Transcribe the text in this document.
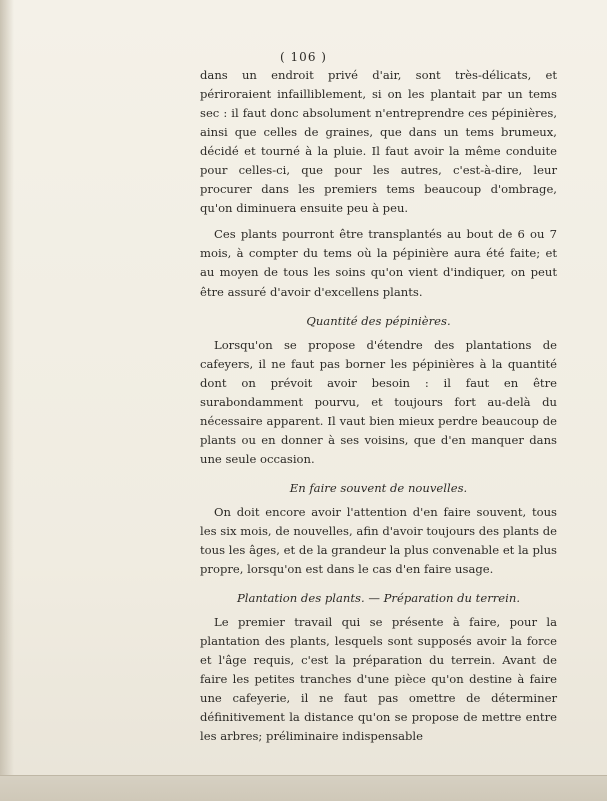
( 106 )

dans un endroit privé d'air, sont très-délicats, et périroraient infailliblement, si on les plantait par un tems sec : il faut donc absolument n'entreprendre ces pépinières, ainsi que celles de graines, que dans un tems brumeux, décidé et tourné à la pluie. Il faut avoir la même conduite pour celles-ci, que pour les autres, c'est-à-dire, leur procurer dans les premiers tems beaucoup d'ombrage, qu'on diminuera ensuite peu à peu.

Ces plants pourront être transplantés au bout de 6 ou 7 mois, à compter du tems où la pépinière aura été faite; et au moyen de tous les soins qu'on vient d'indiquer, on peut être assuré d'avoir d'excellens plants.

Quantité des pépinières.

Lorsqu'on se propose d'étendre des plantations de cafeyers, il ne faut pas borner les pépinières à la quantité dont on prévoit avoir besoin : il faut en être surabondamment pourvu, et toujours fort au-delà du nécessaire apparent. Il vaut bien mieux perdre beaucoup de plants ou en donner à ses voisins, que d'en manquer dans une seule occasion.

En faire souvent de nouvelles.

On doit encore avoir l'attention d'en faire souvent, tous les six mois, de nouvelles, afin d'avoir toujours des plants de tous les âges, et de la grandeur la plus convenable et la plus propre, lorsqu'on est dans le cas d'en faire usage.

Plantation des plants. — Préparation du terrein.

Le premier travail qui se présente à faire, pour la plantation des plants, lesquels sont supposés avoir la force et l'âge requis, c'est la préparation du terrein. Avant de faire les petites tranches d'une pièce qu'on destine à faire une cafeyerie, il ne faut pas omettre de déterminer définitivement la distance qu'on se propose de mettre entre les arbres; préliminaire indispensable
